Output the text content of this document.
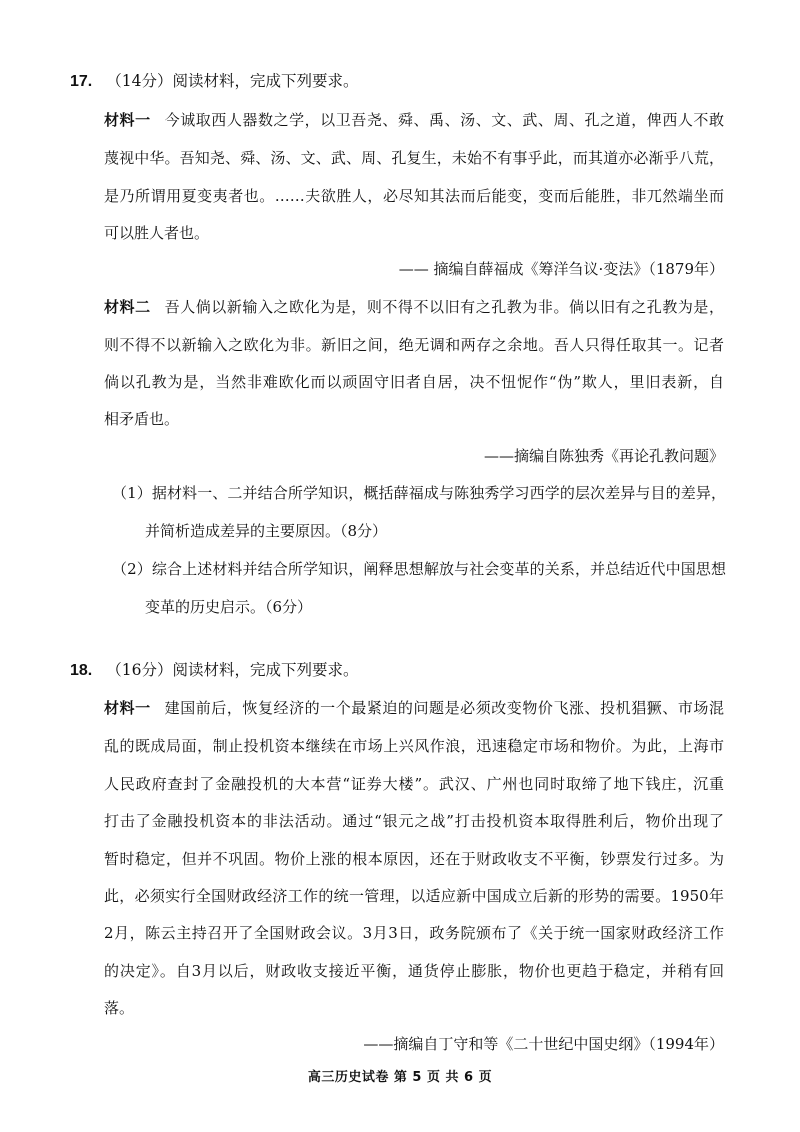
17. （14分）阅读材料，完成下列要求。
材料一 今诚取西人器数之学，以卫吾尧、舜、禹、汤、文、武、周、孔之道，俾西人不敢
蔑视中华。吾知尧、舜、汤、文、武、周、孔复生，未始不有事乎此，而其道亦必渐乎八荒，
是乃所谓用夏变夷者也。……夫欲胜人，必尽知其法而后能变，变而后能胜，非兀然端坐而
可以胜人者也。
—— 摘编自薛福成《筹洋刍议·变法》（1879年）
材料二 吾人倘以新输入之欧化为是，则不得不以旧有之孔教为非。倘以旧有之孔教为是，
则不得不以新输入之欧化为非。新旧之间，绝无调和两存之余地。吾人只得任取其一。记者
倘以孔教为是，当然非难欧化而以顽固守旧者自居，决不忸怩作“伪”欺人，里旧表新，自
相矛盾也。
——摘编自陈独秀《再论孔教问题》
（1）据材料一、二并结合所学知识，概括薛福成与陈独秀学习西学的层次差异与目的差异，
并简析造成差异的主要原因。（8分）
（2）综合上述材料并结合所学知识，阐释思想解放与社会变革的关系，并总结近代中国思想
变革的历史启示。（6分）
18. （16分）阅读材料，完成下列要求。
材料一 建国前后，恢复经济的一个最紧迫的问题是必须改变物价飞涨、投机猖獗、市场混
乱的既成局面，制止投机资本继续在市场上兴风作浪，迅速稳定市场和物价。为此，上海市
人民政府查封了金融投机的大本营“证券大楼”。武汉、广州也同时取缔了地下钱庄，沉重
打击了金融投机资本的非法活动。通过“银元之战”打击投机资本取得胜利后，物价出现了
暂时稳定，但并不巩固。物价上涨的根本原因，还在于财政收支不平衡，钞票发行过多。为
此，必须实行全国财政经济工作的统一管理，以适应新中国成立后新的形势的需要。1950年
2月，陈云主持召开了全国财政会议。3月3日，政务院颁布了《关于统一国家财政经济工作
的决定》。自3月以后，财政收支接近平衡，通货停止膨胀，物价也更趋于稳定，并稍有回
落。
——摘编自丁守和等《二十世纪中国史纲》（1994年）
高三历史试卷 第 5 页 共 6 页
